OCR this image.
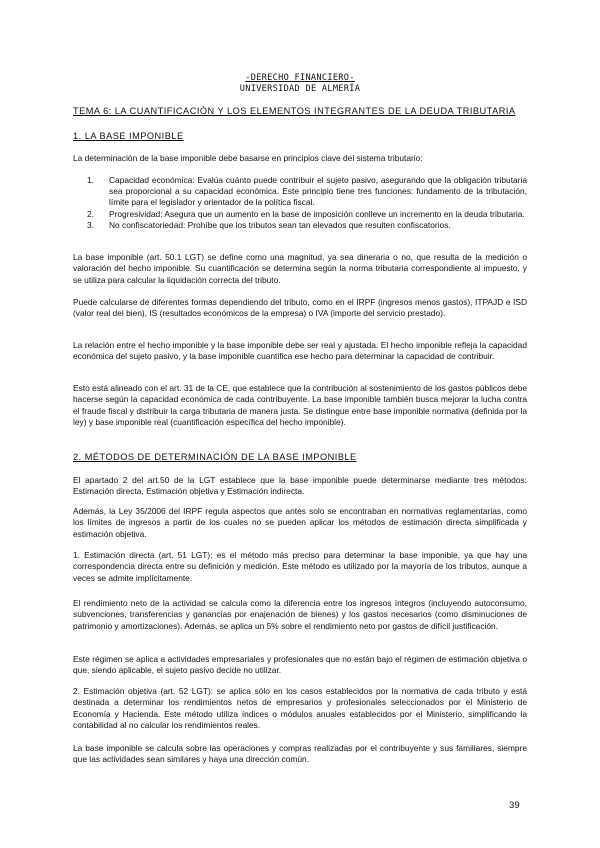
-DERECHO FINANCIERO-
UNIVERSIDAD DE ALMERÍA
TEMA 6: LA CUANTIFICACIÓN Y LOS ELEMENTOS INTEGRANTES DE LA DEUDA TRIBUTARIA
1. LA BASE IMPONIBLE
La determinación de la base imponible debe basarse en principios clave del sistema tributario:
1. Capacidad económica: Evalúa cuánto puede contribuir el sujeto pasivo, asegurando que la obligación tributaria sea proporcional a su capacidad económica. Este principio tiene tres funciones: fundamento de la tributación, límite para el legislador y orientador de la política fiscal.
2. Progresividad: Asegura que un aumento en la base de imposición conlleve un incremento en la deuda tributaria.
3. No confiscatoriedad: Prohíbe que los tributos sean tan elevados que resulten confiscatorios.
La base imponible (art. 50.1 LGT) se define como una magnitud, ya sea dineraria o no, que resulta de la medición o valoración del hecho imponible. Su cuantificación se determina según la norma tributaria correspondiente al impuesto, y se utiliza para calcular la liquidación correcta del tributo.
Puede calcularse de diferentes formas dependiendo del tributo, como en el IRPF (ingresos menos gastos), ITPAJD e ISD (valor real del bien), IS (resultados económicos de la empresa) o IVA (importe del servicio prestado).
La relación entre el hecho imponible y la base imponible debe ser real y ajustada. El hecho imponible refleja la capacidad económica del sujeto pasivo, y la base imponible cuantifica ese hecho para determinar la capacidad de contribuir.
Esto está alineado con el art. 31 de la CE, que establece que la contribución al sostenimiento de los gastos públicos debe hacerse según la capacidad económica de cada contribuyente. La base imponible también busca mejorar la lucha contra el fraude fiscal y distribuir la carga tributaria de manera justa. Se distingue entre base imponible normativa (definida por la ley) y base imponible real (cuantificación específica del hecho imponible).
2. MÉTODOS DE DETERMINACIÓN DE LA BASE IMPONIBLE
El apartado 2 del art.50 de la LGT establece que la base imponible puede determinarse mediante tres métodos: Estimación directa, Estimación objetiva y Estimación indirecta.
Además, la Ley 35/2006 del IRPF regula aspectos que antes solo se encontraban en normativas reglamentarias, como los límites de ingresos a partir de los cuales no se pueden aplicar los métodos de estimación directa simplificada y estimación objetiva.
1. Estimación directa (art. 51 LGT): es el método más preciso para determinar la base imponible, ya que hay una correspondencia directa entre su definición y medición. Este método es utilizado por la mayoría de los tributos, aunque a veces se admite implícitamente.
El rendimiento neto de la actividad se calcula como la diferencia entre los ingresos íntegros (incluyendo autoconsumo, subvenciones, transferencias y ganancias por enajenación de bienes) y los gastos necesarios (como disminuciones de patrimonio y amortizaciones). Además, se aplica un 5% sobre el rendimiento neto por gastos de difícil justificación.
Este régimen se aplica a actividades empresariales y profesionales que no están bajo el régimen de estimación objetiva o que, siendo aplicable, el sujeto pasivo decide no utilizar.
2. Estimación objetiva (art. 52 LGT): se aplica sólo en los casos establecidos por la normativa de cada tributo y está destinada a determinar los rendimientos netos de empresarios y profesionales seleccionados por el Ministerio de Economía y Hacienda. Este método utiliza índices o módulos anuales establecidos por el Ministerio, simplificando la contabilidad al no calcular los rendimientos reales.
La base imponible se calcula sobre las operaciones y compras realizadas por el contribuyente y sus familiares, siempre que las actividades sean similares y haya una dirección común.
39
